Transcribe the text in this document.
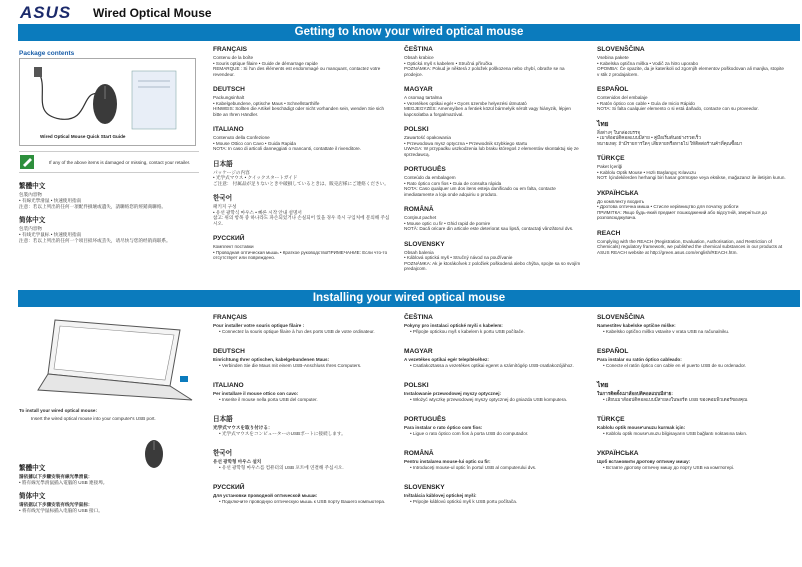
ASUS Wired Optical Mouse
Getting to know your wired optical mouse
Installing your wired optical mouse
Package contents
Wired Optical Mouse Quick Start Guide
If any of the above items is damaged or missing, contact your retailer.
繁體中文
包裝內容物
• 有線光學滑鼠 • 快速使用指南
注意：若以上列出的任何一項配件損壞或遺失，請聯絡您的經銷商聯絡。
简体中文
包装内容物
• 有线光学鼠标 • 快速使用指南
注意：若以上列出的任何一个项目损坏或丢失，请尽快与您的经销商联系。
FRANÇAIS
Contenu de la boîte
• Souris optique filaire • Guide de démarrage rapide
REMARQUE : Si l'un des éléments est endommagé ou manquant, contactez votre revendeur.
DEUTSCH
Packungsinhalt
• Kabelgebundene, optische Maus • Schnellstarthilfe
HINWEIS: Sollten die Artikel beschädigt oder nicht vorhanden sein, wenden Sie sich bitte an Ihren Händler.
ITALIANO
Contenuto della Confezione
• Mouse Ottico con Cavo • Guida Rapida
NOTA: In caso di articoli danneggiati o mancanti, contattate il rivenditore.
日本語
パッケージの内容
• 光学式マウス • クイックスタートガイド
ご注意： 付属品が足りないときや破損しているときは、販売店様にご連絡ください。
한국어
패키지 구성
• 유선 광학식 마우스 • 빠른 시작 안내 설명서
참고: 위의 항목 중 하나라도 파손되었거나 손실되어 있을 경우 즉시 구입처에 문의해 주십시오.
РУССКИЙ
Комплект поставки
• Проводная оптическая мышь • Краткое руководствоПРИМЕЧАНИЕ: Если что-то отсутствует или повреждено.
ČEŠTINA
Obsah krabice
• Optická myš s kabelem • Stručná příručka
POZNÁMKA: Pokud je některá z položek poškozena nebo chybí, obraťte se na prodejce.
MAGYAR
A csomag tartalma
• Vezetékes optikai egér • Gyors üzembe helyezési útmutató
MEGJEGYZÉS: Amennyiben a fentiek közül bármelyik sérült vagy hiányzik, lépjen kapcsolatba a forgalmazóval.
POLSKI
Zawartość opakowania
• Przewodowa mysz optyczna • Przewodnik szybkiego startu
UWAGA: W przypadku uszkodzenia lub braku któregoś z elementów skontaktuj się ze sprzedawcą.
PORTUGUÊS
Conteúdo da embalagem
• Rato óptico com fios • Guia de consulta rápida
NOTA: Caso qualquer um dos itens esteja danificado ou em falta, contacte imediatamente a loja onde adquiriu o produto.
ROMÂNĂ
Conţinut pachet
• Mouse optic cu fir • Ghid rapid de pornire
NOTĂ: Dacă oricare din articole este deteriorat sau lipsă, contactaţi vânzătorul dvs.
SLOVENSKY
Obsah balenia
• Káblová optická myš • Stručný návod na používanie
POZNÁMKA: Ak je ktorákoľvek z položiek poškodená alebo chýba, spojte sa so svojím predajcom.
SLOVENŠČINA
Vsebina pakete
• Kabelska optična miška • Vodič za hitro uporabo
OPOMBA: Če opazite, da je katerikoli od zgornjih elementov poškodovan ali manjka, stopite v stik z prodajalcem.
ESPAÑOL
Contenidos del embalaje
• Ratón óptico con cable • Guía de Inicio Rápido
NOTA: Si falta cualquier elemento o si está dañado, contacte con su proveedor.
ไทย
สิ่งต่างๆ ในกล่องบรรจุ
• เมาส์ออปติคอลแบบมีสาย • คู่มือเริ่มต้นอย่างรวดเร็ว
หมายเหตุ: ถ้ามีรายการใดๆ เสียหายหรือหายไป ให้ติดต่อร้านค้าที่คุณซื้อมา
TÜRKÇE
Paket İçeriği
• Kablolu Optik Mouse • Hızlı Başlangıç Kılavuzu
NOT: İçindekilerden herhangi biri hasar görmüşse veya eksikse, mağazanız ile iletişim kurun.
УКРАЇНСЬКА
До комплекту входить
• Дротова оптична миша • Стисле керівництво для початку роботи
ПРИМІТКА: Якщо будь-який предмет пошкоджений або відсутній, зверніться до розповсюджувача.
REACH
Complying with the REACH (Registration, Evaluation, Authorisation, and Restriction of Chemicals) regulatory framework, we published the chemical substances in our products at ASUS REACH website at http://green.asus.com/english/REACH.htm.
To install your wired optical mouse:
Insert the wired optical mouse into your computer's USB port.
繁體中文
請依據以下步驟安裝有線光學滑鼠：
• 將有線光學滑鼠插入電腦的 USB 連接埠。
简体中文
请依据以下步骤安装有线光学鼠标：
• 将有线光学鼠标插入电脑的 USB 接口。
FRANÇAIS
Pour installer votre souris optique filaire :
• Connectez la souris optique filaire à l'un des ports USB de votre ordinateur.
DEUTSCH
Einrichtung Ihrer optischen, kabelgebundenen Maus:
• Verbinden Sie die Maus mit einem USB-Anschluss Ihres Computers.
ITALIANO
Per installare il mouse ottico con cavo:
• Inserite il mouse nella porta USB del computer.
日本語
光学式マウスを取り付ける：
• 光学式マウスをコンピューターのUSBポートに接続します。
한국어
유선 광학형 마우스 설치
• 유선 광학형 마우스를 컴퓨터의 USB 포트에 연결해 주십시오.
РУССКИЙ
Для установки проводной оптической мыши:
• Подключите проводную оптическую мышь к USB порту Вашего компьютера.
ČEŠTINA
Pokyny pro instalaci optické myši s kabelem:
• Připojte optickou myš s kabelem k portu USB počítače.
MAGYAR
A vezetékes optikai egér telepítéséhez:
• Csatlakoztassa a vezetékes optikai egeret a számítógép USB-csatlakozójához.
POLSKI
Instalowanie przewodowej myszy optycznej:
• Włożyć wtyczkę przewodowej myszy optycznej do gniazda USB komputera.
PORTUGUÊS
Para instalar o rato óptico com fios:
• Ligue o rato óptico com fios à porta USB do computador.
ROMÂNĂ
Pentru instalarea mouse-lui optic cu fir:
• Introduceţi mouse-ul optic în portul USB al computerului dvs.
SLOVENSKY
Inštalácia káblovej optickej myši:
• Pripojte káblovú optickú myš k USB portu počítača.
SLOVENŠČINA
Namestitev kabelske optične miške:
• Kabelsko optično miško vstavite v vrata USB na računalniku.
ESPAÑOL
Para instalar su ratón óptico cableado:
• Conecte el ratón óptico con cable en el puerto USB de su ordenador.
ไทย
ในการติดตั้งเมาส์ออปติคอลแบบมีสาย:
• เสียบเมาส์ออปติคอลแบบมีสายลงในพอร์ต USB ของคอมพิวเตอร์ของคุณ
TÜRKÇE
Kablolu optik mouse'unuzu kurmak için:
• Kablolu optik mouse'unuzu bilgisayarın USB bağlantı noktasına takın.
УКРАЇНСЬКА
Щоб встановити дротову оптичну мишу:
• Вставте дротову оптичну мишу до порту USB на комп'ютері.
